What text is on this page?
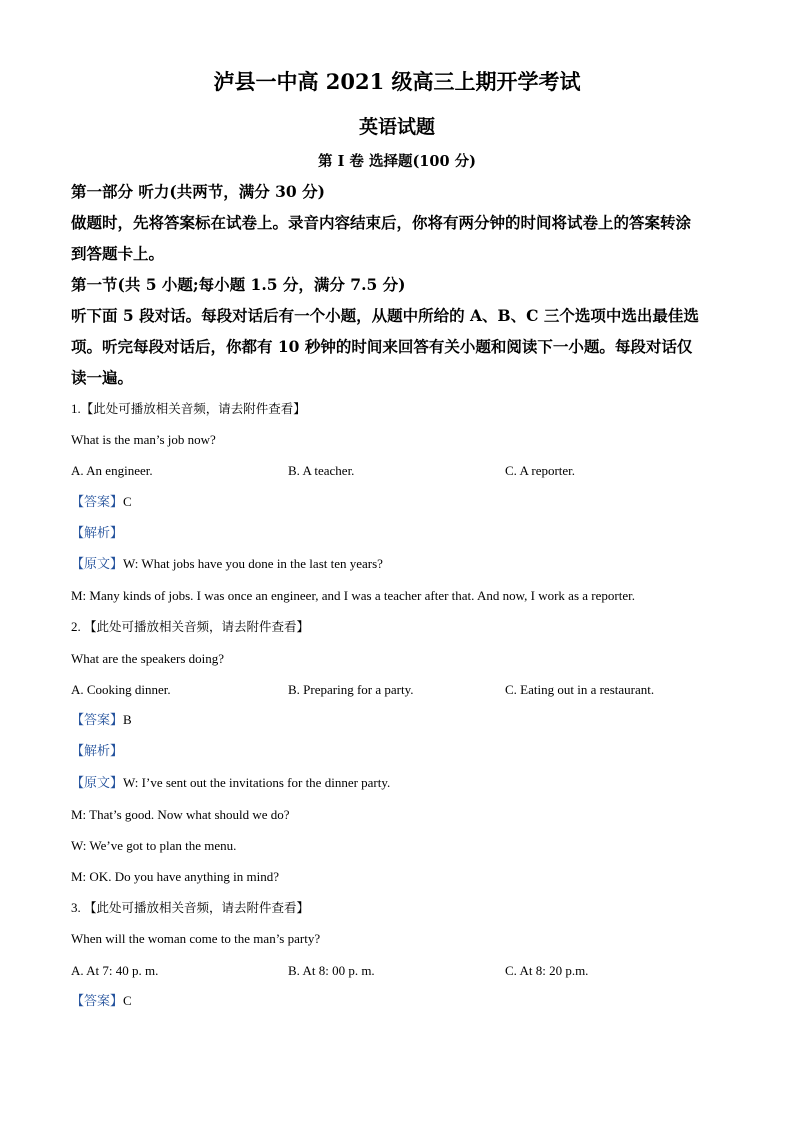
泸县一中高 2021 级高三上期开学考试
英语试题
第 I 卷 选择题(100 分)
第一部分 听力(共两节，满分 30 分)
做题时，先将答案标在试卷上。录音内容结束后，你将有两分钟的时间将试卷上的答案转涂
到答题卡上。
第一节(共 5 小题;每小题 1.5 分，满分 7.5 分)
听下面 5 段对话。每段对话后有一个小题，从题中所给的 A、B、C 三个选项中选出最佳选
项。听完每段对话后，你都有 10 秒钟的时间来回答有关小题和阅读下一小题。每段对话仅
读一遍。
1.【此处可播放相关音频，请去附件查看】
What is the man’s job now?
A. An engineer.	B. A teacher.	C. A reporter.
【答案】C
【解析】
【原文】W: What jobs have you done in the last ten years?
M: Many kinds of jobs. I was once an engineer, and I was a teacher after that. And now, I work as a reporter.
2. 【此处可播放相关音频，请去附件查看】
What are the speakers doing?
A. Cooking dinner.	B. Preparing for a party.	C. Eating out in a restaurant.
【答案】B
【解析】
【原文】W: I’ve sent out the invitations for the dinner party.
M: That’s good. Now what should we do?
W: We’ve got to plan the menu.
M: OK. Do you have anything in mind?
3. 【此处可播放相关音频，请去附件查看】
When will the woman come to the man’s party?
A. At 7: 40 p. m.	B. At 8: 00 p. m.	C. At 8: 20 p.m.
【答案】C
